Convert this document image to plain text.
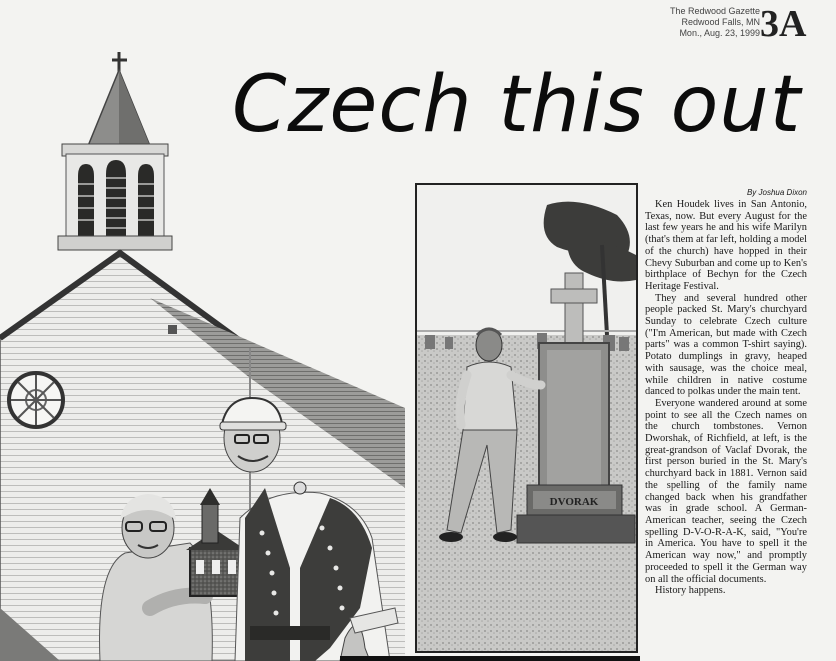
The Redwood Gazette
Redwood Falls, MN
Mon., Aug. 23, 1999 3A
Czech this out
DVORAK
By Joshua Dixon

Ken Houdek lives in San Antonio, Texas, now. But every August for the last few years he and his wife Marilyn (that's them at far left, holding a model of the church) have hopped in their Chevy Suburban and come up to Ken's birthplace of Bechyn for the Czech Heritage Festival.

They and several hundred other people packed St. Mary's churchyard Sunday to celebrate Czech culture ("I'm American, but made with Czech parts" was a common T-shirt saying). Potato dumplings in gravy, heaped with sausage, was the choice meal, while children in native costume danced to polkas under the main tent.

Everyone wandered around at some point to see all the Czech names on the church tombstones. Vernon Dworshak, of Richfield, at left, is the great-grandson of Vaclaf Dvorak, the first person buried in the St. Mary's churchyard back in 1881. Vernon said the spelling of the family name changed back when his grandfather was in grade school. A German-American teacher, seeing the Czech spelling D-V-O-R-A-K, said, "You're in America. You have to spell it the American way now," and promptly proceeded to spell it the German way on all the official documents.

History happens.
